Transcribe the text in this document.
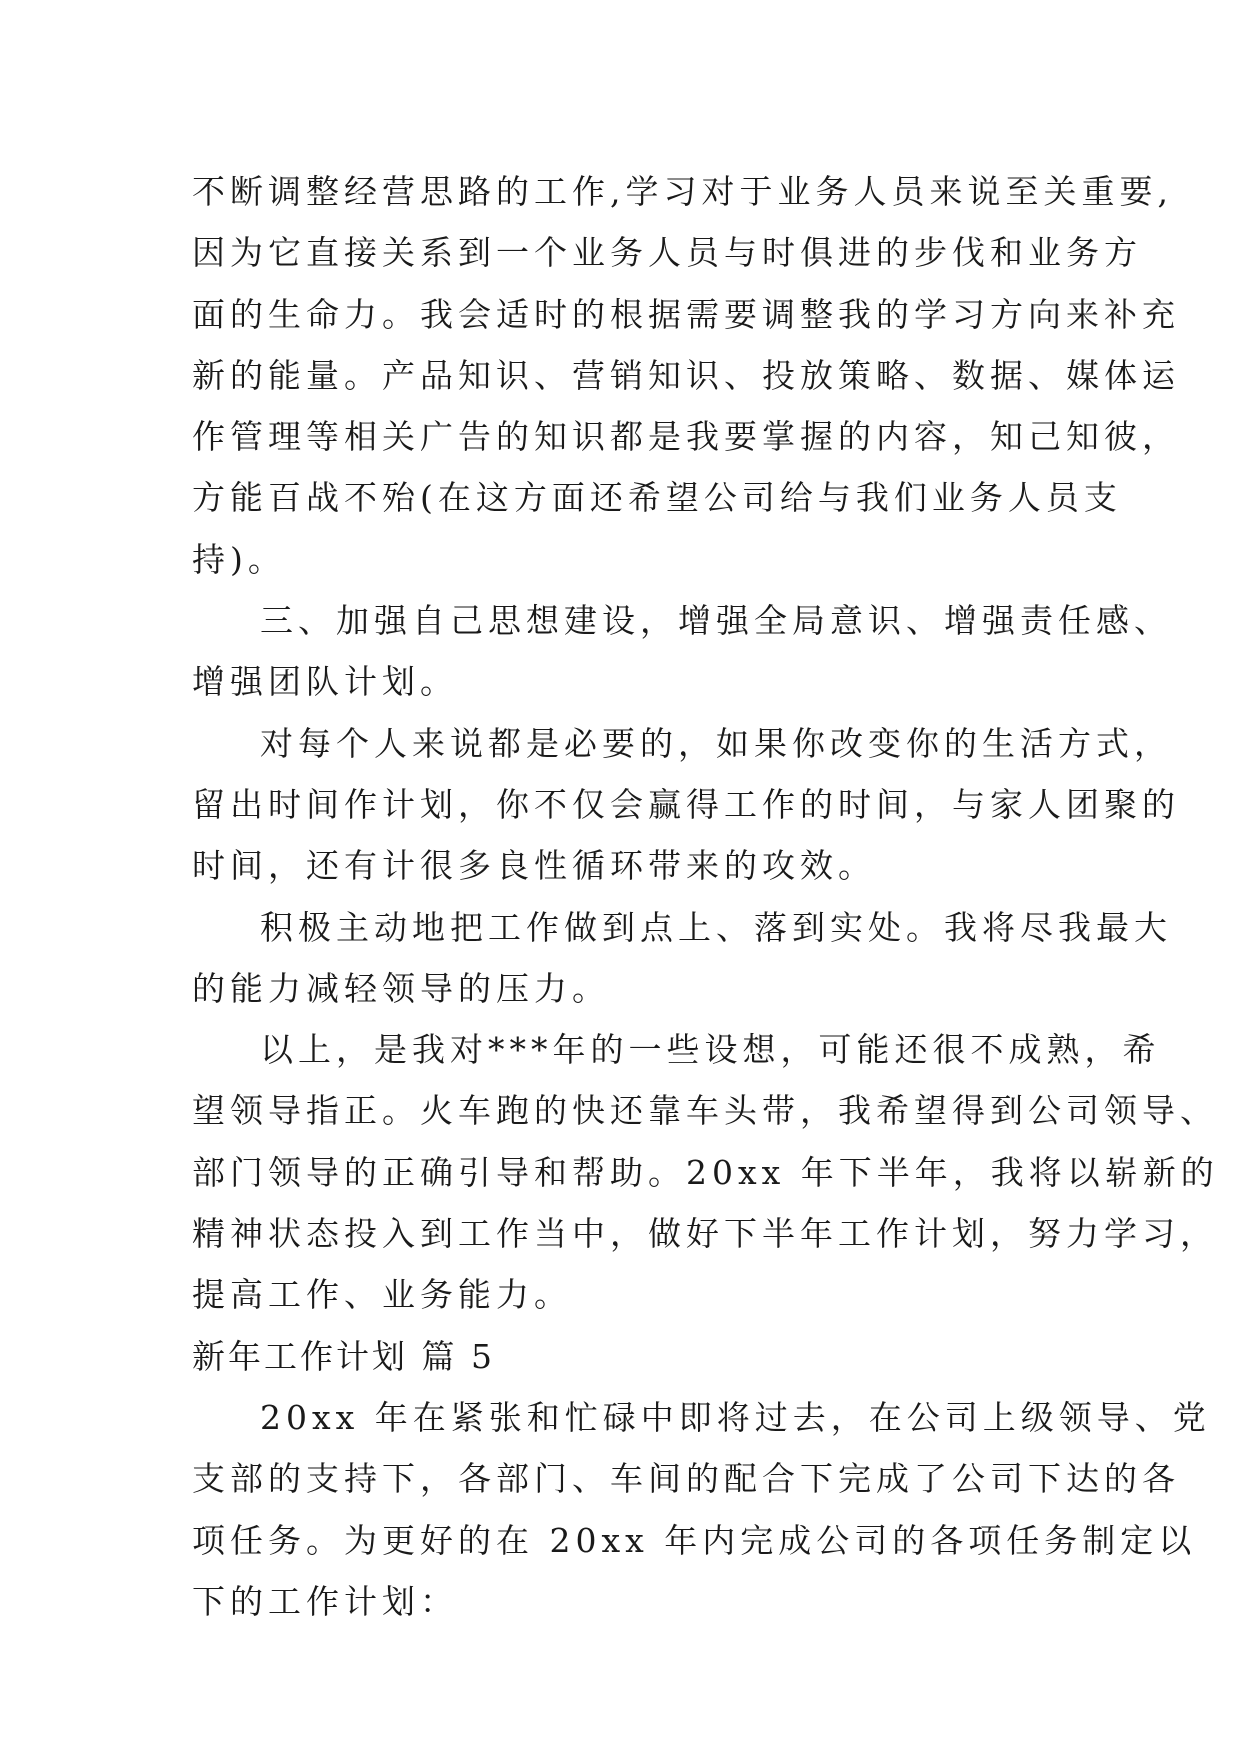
不断调整经营思路的工作,学习对于业务人员来说至关重要,
因为它直接关系到一个业务人员与时俱进的步伐和业务方
面的生命力。我会适时的根据需要调整我的学习方向来补充
新的能量。产品知识、营销知识、投放策略、数据、媒体运
作管理等相关广告的知识都是我要掌握的内容，知己知彼，
方能百战不殆(在这方面还希望公司给与我们业务人员支
持)。
三、加强自己思想建设，增强全局意识、增强责任感、
增强团队计划。
对每个人来说都是必要的，如果你改变你的生活方式，
留出时间作计划，你不仅会赢得工作的时间，与家人团聚的
时间，还有计很多良性循环带来的攻效。
积极主动地把工作做到点上、落到实处。我将尽我最大
的能力减轻领导的压力。
以上，是我对***年的一些设想，可能还很不成熟，希
望领导指正。火车跑的快还靠车头带，我希望得到公司领导、
部门领导的正确引导和帮助。20xx 年下半年，我将以崭新的
精神状态投入到工作当中，做好下半年工作计划，努力学习，
提高工作、业务能力。
新年工作计划 篇 5
20xx 年在紧张和忙碌中即将过去，在公司上级领导、党
支部的支持下，各部门、车间的配合下完成了公司下达的各
项任务。为更好的在 20xx 年内完成公司的各项任务制定以
下的工作计划：
